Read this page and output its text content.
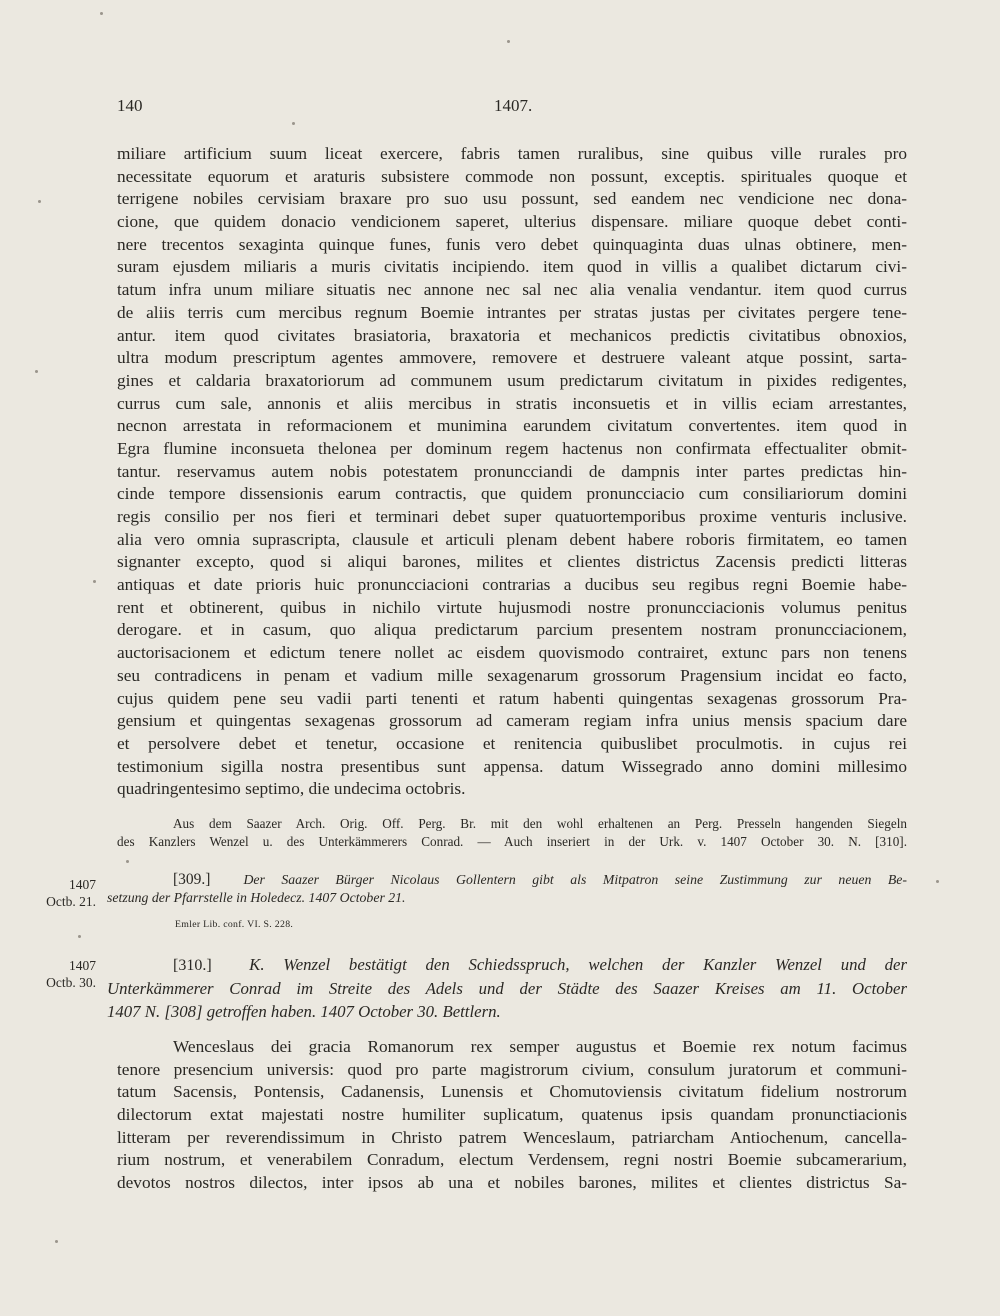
140	1407.
miliare artificium suum liceat exercere, fabris tamen ruralibus, sine quibus ville rurales pro
necessitate equorum et araturis subsistere commode non possunt, exceptis. spirituales quoque et
terrigene nobiles cervisiam braxare pro suo usu possunt, sed eandem nec vendicione nec dona-
cione, que quidem donacio vendicionem saperet, ulterius dispensare. miliare quoque debet conti-
nere trecentos sexaginta quinque funes, funis vero debet quinquaginta duas ulnas obtinere, men-
suram ejusdem miliaris a muris civitatis incipiendo. item quod in villis a qualibet dictarum civi-
tatum infra unum miliare situatis nec annone nec sal nec alia venalia vendantur. item quod currus
de aliis terris cum mercibus regnum Boemie intrantes per stratas justas per civitates pergere tene-
antur. item quod civitates brasiatoria, braxatoria et mechanicos predictis civitatibus obnoxios,
ultra modum prescriptum agentes ammovere, removere et destruere valeant atque possint, sarta-
gines et caldaria braxatoriorum ad communem usum predictarum civitatum in pixides redigentes,
currus cum sale, annonis et aliis mercibus in stratis inconsuetis et in villis eciam arrestantes,
necnon arrestata in reformacionem et munimina earundem civitatum convertentes. item quod in
Egra flumine inconsueta thelonea per dominum regem hactenus non confirmata effectualiter obmit-
tantur. reservamus autem nobis potestatem pronuncciandi de dampnis inter partes predictas hin-
cinde tempore dissensionis earum contractis, que quidem pronuncciacio cum consiliariorum domini
regis consilio per nos fieri et terminari debet super quatuortemporibus proxime venturis inclusive.
alia vero omnia suprascripta, clausule et articuli plenam debent habere roboris firmitatem, eo tamen
signanter excepto, quod si aliqui barones, milites et clientes districtus Zacensis predicti litteras
antiquas et date prioris huic pronuncciacioni contrarias a ducibus seu regibus regni Boemie habe-
rent et obtinerent, quibus in nichilo virtute hujusmodi nostre pronuncciacionis volumus penitus
derogare. et in casum, quo aliqua predictarum parcium presentem nostram pronuncciacionem,
auctorisacionem et edictum tenere nollet ac eisdem quovismodo contrairet, extunc pars non tenens
seu contradicens in penam et vadium mille sexagenarum grossorum Pragensium incidat eo facto,
cujus quidem pene seu vadii parti tenenti et ratum habenti quingentas sexagenas grossorum Pra-
gensium et quingentas sexagenas grossorum ad cameram regiam infra unius mensis spacium dare
et persolvere debet et tenetur, occasione et renitencia quibuslibet proculmotis. in cujus rei
testimonium sigilla nostra presentibus sunt appensa. datum Wissegrado anno domini millesimo
quadringentesimo septimo, die undecima octobris.
Aus dem Saazer Arch. Orig. Off. Perg. Br. mit den wohl erhaltenen an Perg. Presseln hangenden Siegeln
des Kanzlers Wenzel u. des Unterkämmerers Conrad. — Auch inseriert in der Urk. v. 1407 October 30. N. [310].
1407
Octb. 21.
[309.] Der Saazer Bürger Nicolaus Gollentern gibt als Mitpatron seine Zustimmung zur neuen Be-
setzung der Pfarrstelle in Holedecz. 1407 October 21.
Emler Lib. conf. VI. S. 228.
1407
Octb. 30.
[310.] K. Wenzel bestätigt den Schiedsspruch, welchen der Kanzler Wenzel und der
Unterkämmerer Conrad im Streite des Adels und der Städte des Saazer Kreises am 11. October
1407 N. [308] getroffen haben. 1407 October 30. Bettlern.
Wenceslaus dei gracia Romanorum rex semper augustus et Boemie rex notum facimus
tenore presencium universis: quod pro parte magistrorum civium, consulum juratorum et communi-
tatum Sacensis, Pontensis, Cadanensis, Lunensis et Chomutoviensis civitatum fidelium nostrorum
dilectorum extat majestati nostre humiliter suplicatum, quatenus ipsis quandam pronunctiacionis
litteram per reverendissimum in Christo patrem Wenceslaum, patriarcham Antiochenum, cancella-
rium nostrum, et venerabilem Conradum, electum Verdensem, regni nostri Boemie subcamerarium,
devotos nostros dilectos, inter ipsos ab una et nobiles barones, milites et clientes districtus Sa-
